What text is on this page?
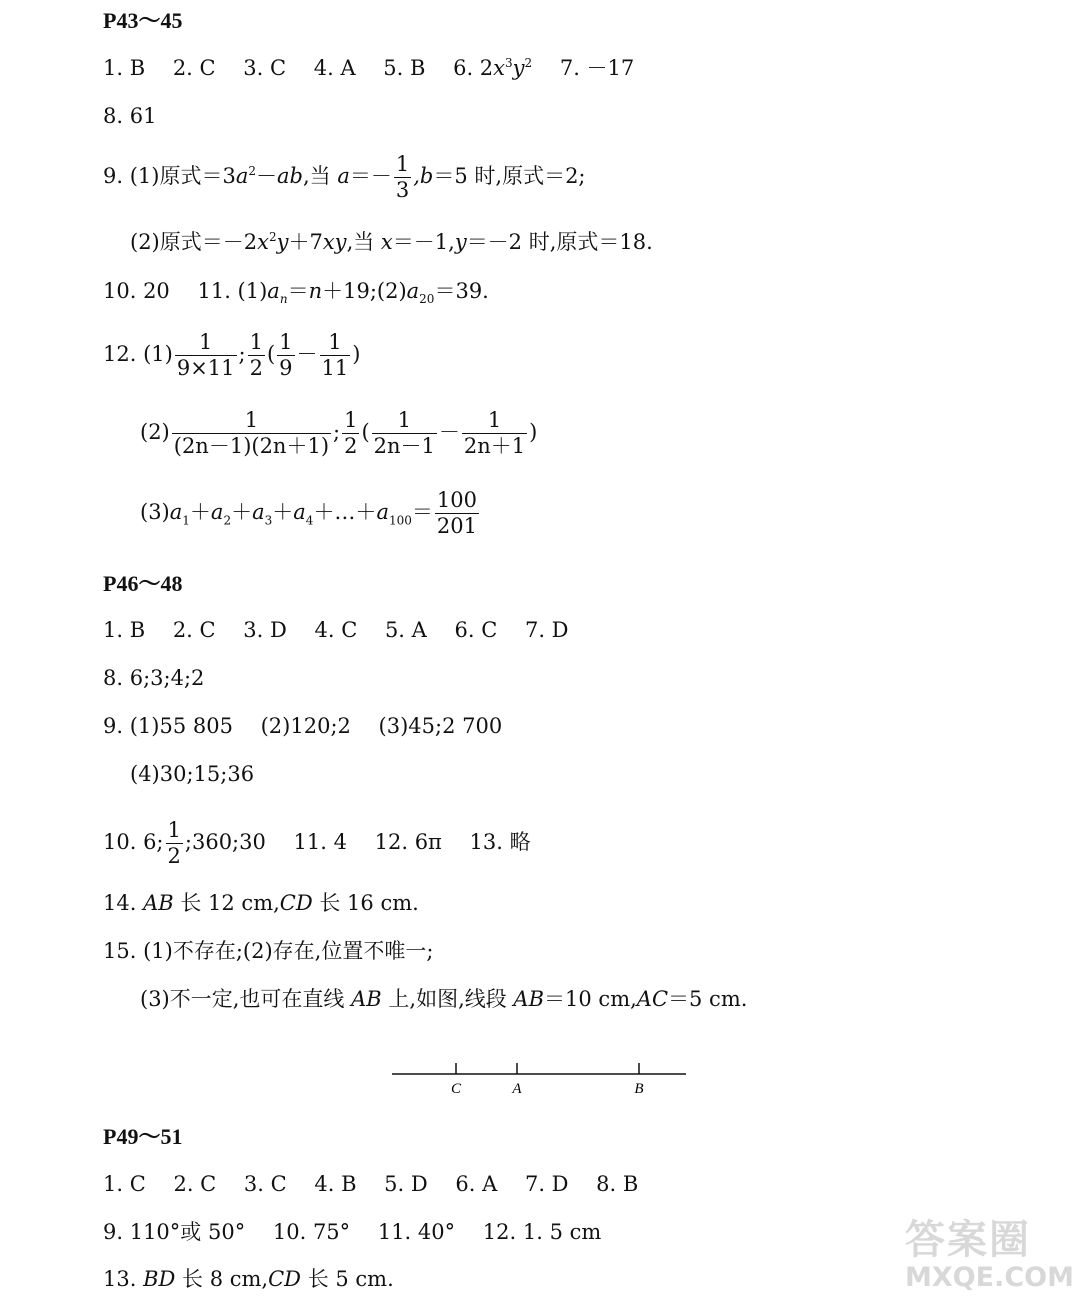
P43～45
1. B　 2. C　 3. C　 4. A　 5. B　 6. $2x^3y^2$　 7. －17
8. 61
9. (1)原式$=3a^2-ab$,当 $a=- \frac{1}{3} ,b=5$ 时,原式＝2;
(2)原式$=-2x^2y+7xy$,当 x＝－1,y＝－2 时,原式＝18.
10. 20　 11. $(1)a_n=n+19;(2)a_{20}=39$.
12. $(1) \frac{1}{9\times 11}$ ; $\frac{1}{2}$ ( $\frac{1}{9} - \frac{1}{11}$ )
$(2) \frac{1}{(2n-1)(2n+1)}$ ; $\frac{1}{2}$ ( $\frac{1}{2n-1} - \frac{1}{2n+1}$ )
$(3)a_1+a_2+a_3+a_4+\dots+a_{100}= \frac{100}{201}$
P46～48
1. B　 2. C　 3. D　 4. C　 5. A　 6. C　 7. D
8. 6;3;4;2
9. (1)55 805　 (2)120;2　 (3)45;2 700
(4)30;15;36
10. 6; $\frac{1}{2}$ ;360;30　 11. 4　 12. 6π　 13. 略
14. AB 长 12 cm,CD 长 16 cm.
15. (1)不存在;(2)存在,位置不唯一;
(3)不一定,也可在直线 AB 上,如图,线段 AB＝10 cm,AC＝5 cm.
C	A	B
P49～51
1. C　 2. C　 3. C　 4. B　 5. D　 6. A　 7. D　 8. B
9. 110°或 50°　 10. 75°　 11. 40°　 12. 1. 5 cm
13. BD 长 8 cm,CD 长 5 cm.
答案圈
MXQE.COM
